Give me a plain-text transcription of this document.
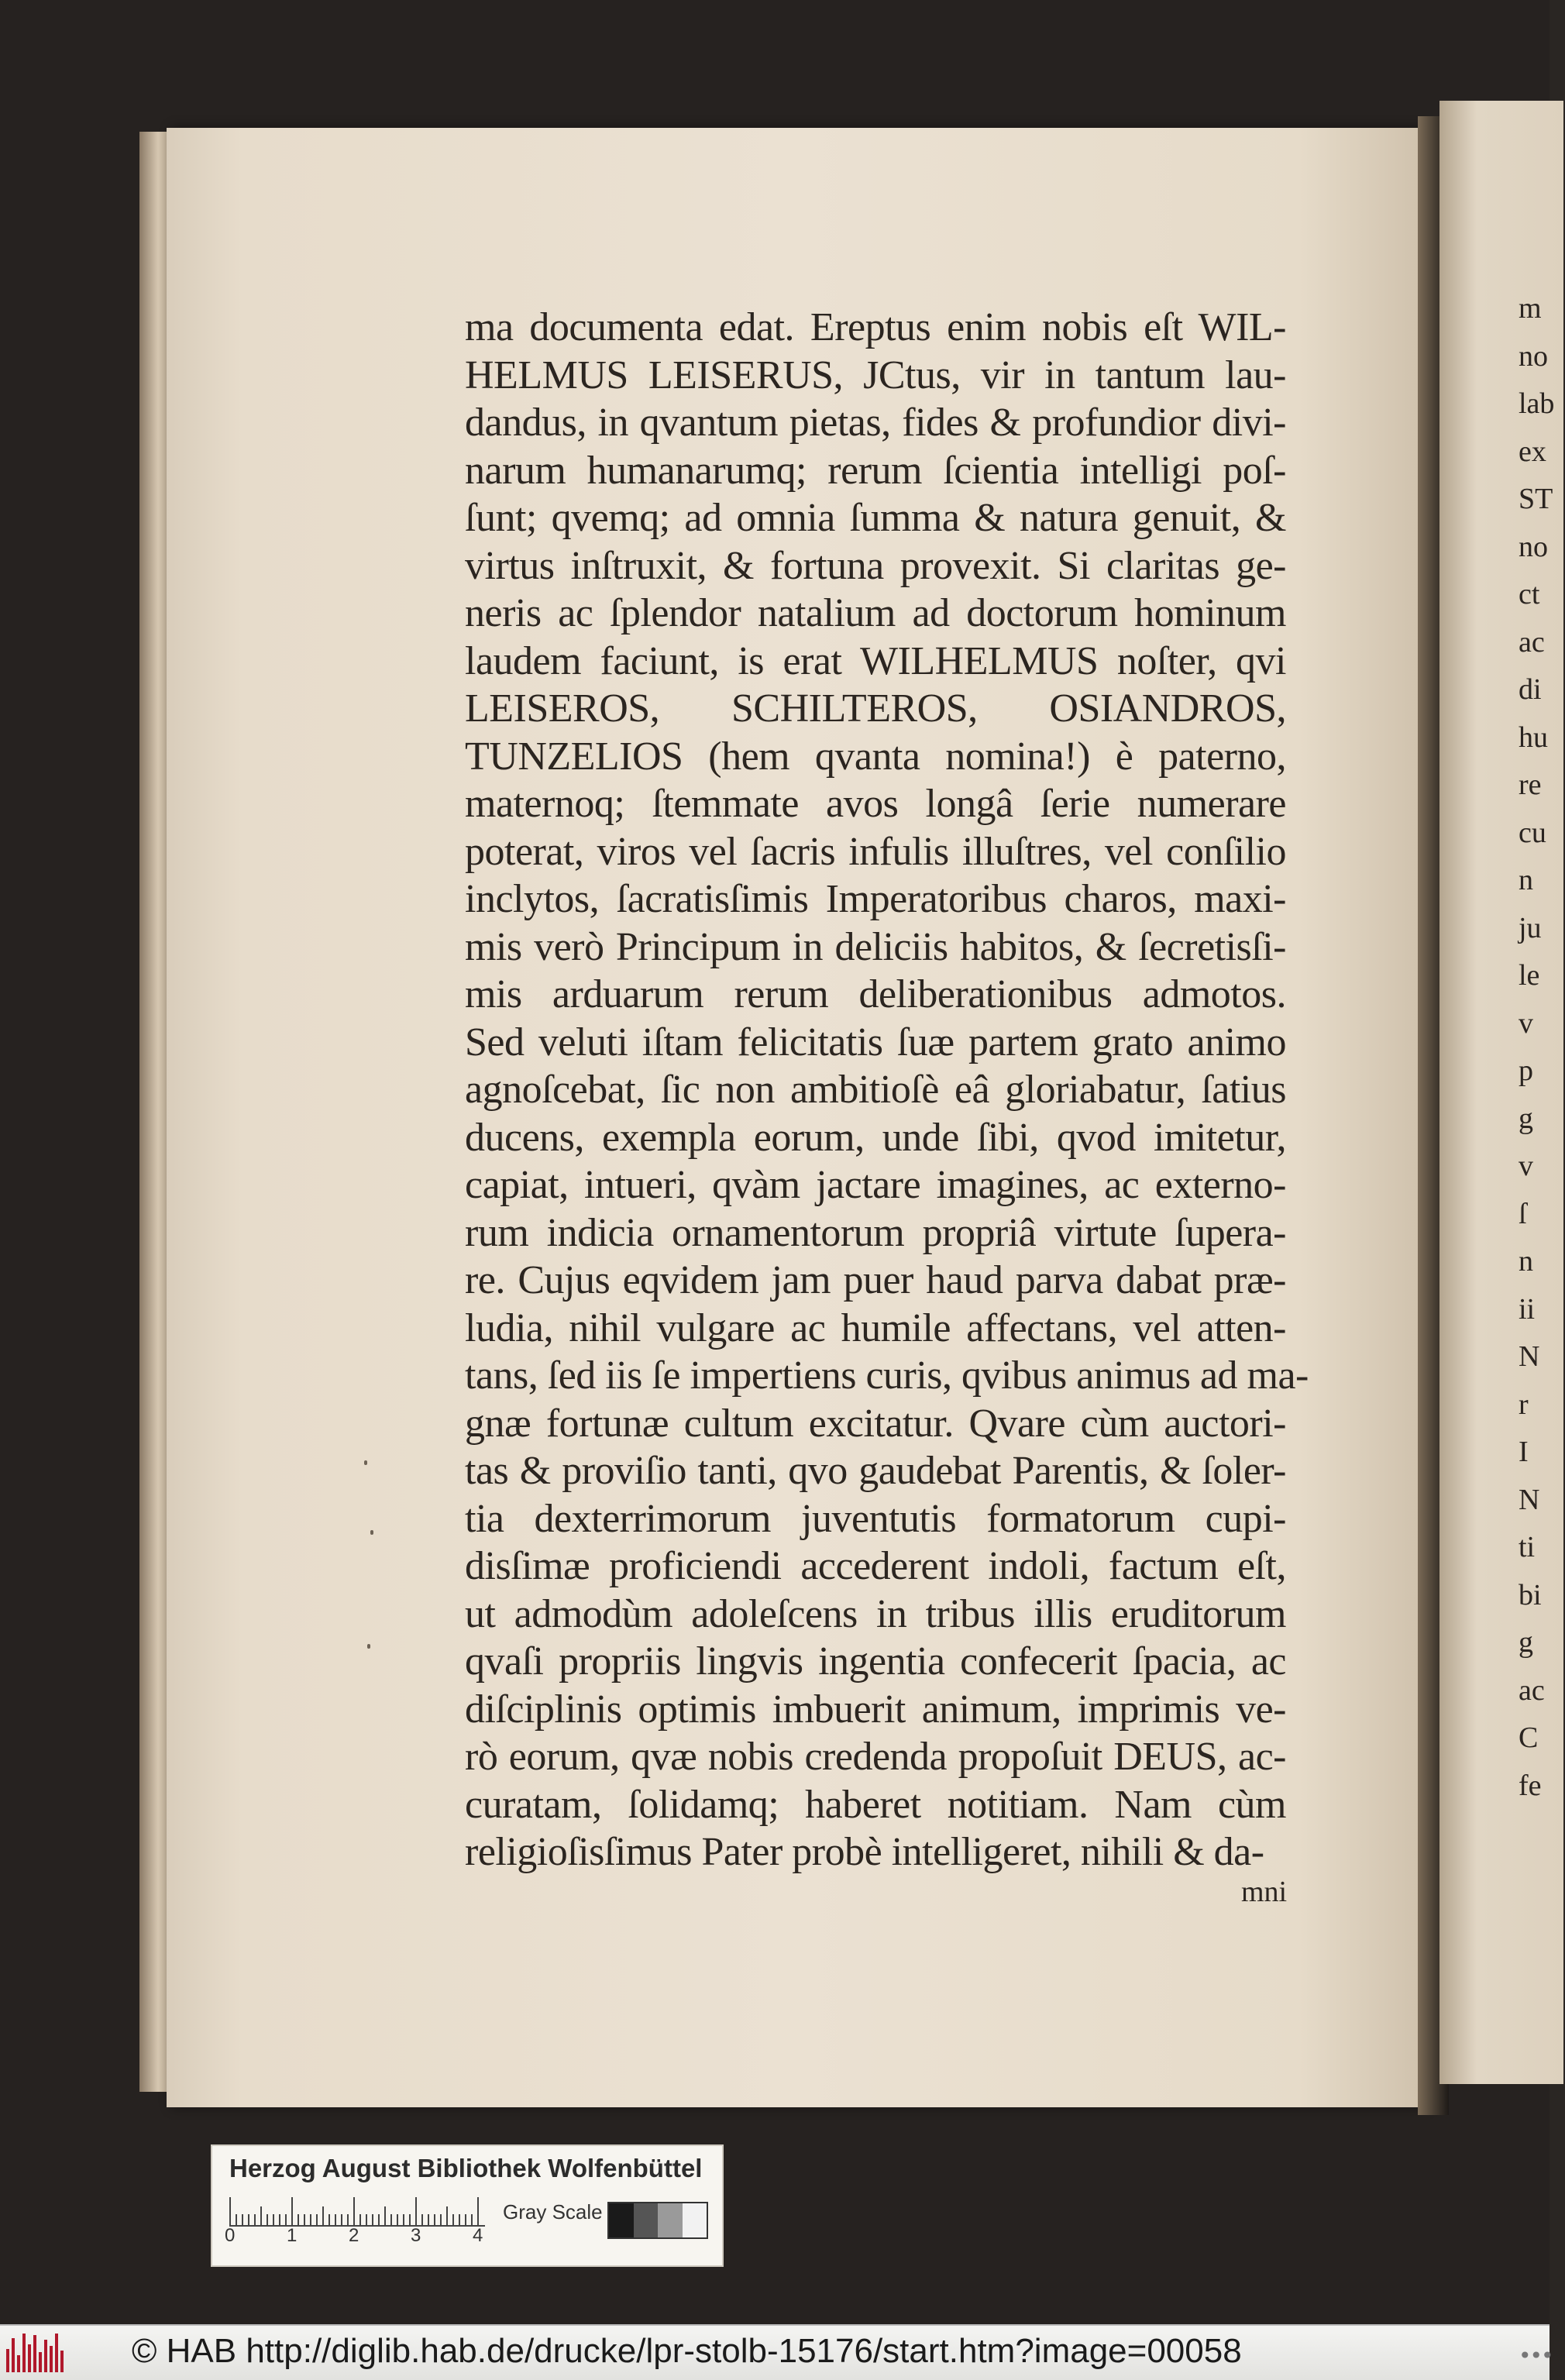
m
no
lab
ex
ST
no
ct
ac
di
hu
re
cu
n
ju
le
v
p
g
v
ſ
n
ii
N
r
I
N
ti
bi
g
ac
C
fe
ma documenta edat. Ereptus enim nobis eſt WIL-
HELMUS LEISERUS, JCtus, vir in tantum lau-
dandus, in qvantum pietas, fides & profundior divi-
narum humanarumq; rerum ſcientia intelligi poſ-
ſunt; qvemq; ad omnia ſumma & natura genuit, &
virtus inſtruxit, & fortuna provexit. Si claritas ge-
neris ac ſplendor natalium ad doctorum hominum
laudem faciunt, is erat WILHELMUS noſter, qvi
LEISEROS, SCHILTEROS, OSIANDROS,
TUNZELIOS (hem qvanta nomina!) è paterno,
maternoq; ſtemmate avos longâ ſerie numerare
poterat, viros vel ſacris infulis illuſtres, vel conſilio
inclytos, ſacratisſimis Imperatoribus charos, maxi-
mis verò Principum in deliciis habitos, & ſecretisſi-
mis arduarum rerum deliberationibus admotos.
Sed veluti iſtam felicitatis ſuæ partem grato animo
agnoſcebat, ſic non ambitioſè eâ gloriabatur, ſatius
ducens, exempla eorum, unde ſibi, qvod imitetur,
capiat, intueri, qvàm jactare imagines, ac externo-
rum indicia ornamentorum propriâ virtute ſupera-
re. Cujus eqvidem jam puer haud parva dabat præ-
ludia, nihil vulgare ac humile affectans, vel atten-
tans, ſed iis ſe impertiens curis, qvibus animus ad ma-
gnæ fortunæ cultum excitatur. Qvare cùm auctori-
tas & proviſio tanti, qvo gaudebat Parentis, & ſoler-
tia dexterrimorum juventutis formatorum cupi-
disſimæ proficiendi accederent indoli, factum eſt,
ut admodùm adoleſcens in tribus illis eruditorum
qvaſi propriis lingvis ingentia confecerit ſpacia, ac
diſciplinis optimis imbuerit animum, imprimis ve-
rò eorum, qvæ nobis credenda propoſuit DEUS, ac-
curatam, ſolidamq; haberet notitiam. Nam cùm
religioſisſimus Pater probè intelligeret, nihili & da-
mni
Herzog August Bibliothek Wolfenbüttel
0	1	2	3	4
Gray Scale
© HAB http://diglib.hab.de/drucke/lpr-stolb-15176/start.htm?image=00058	•••
